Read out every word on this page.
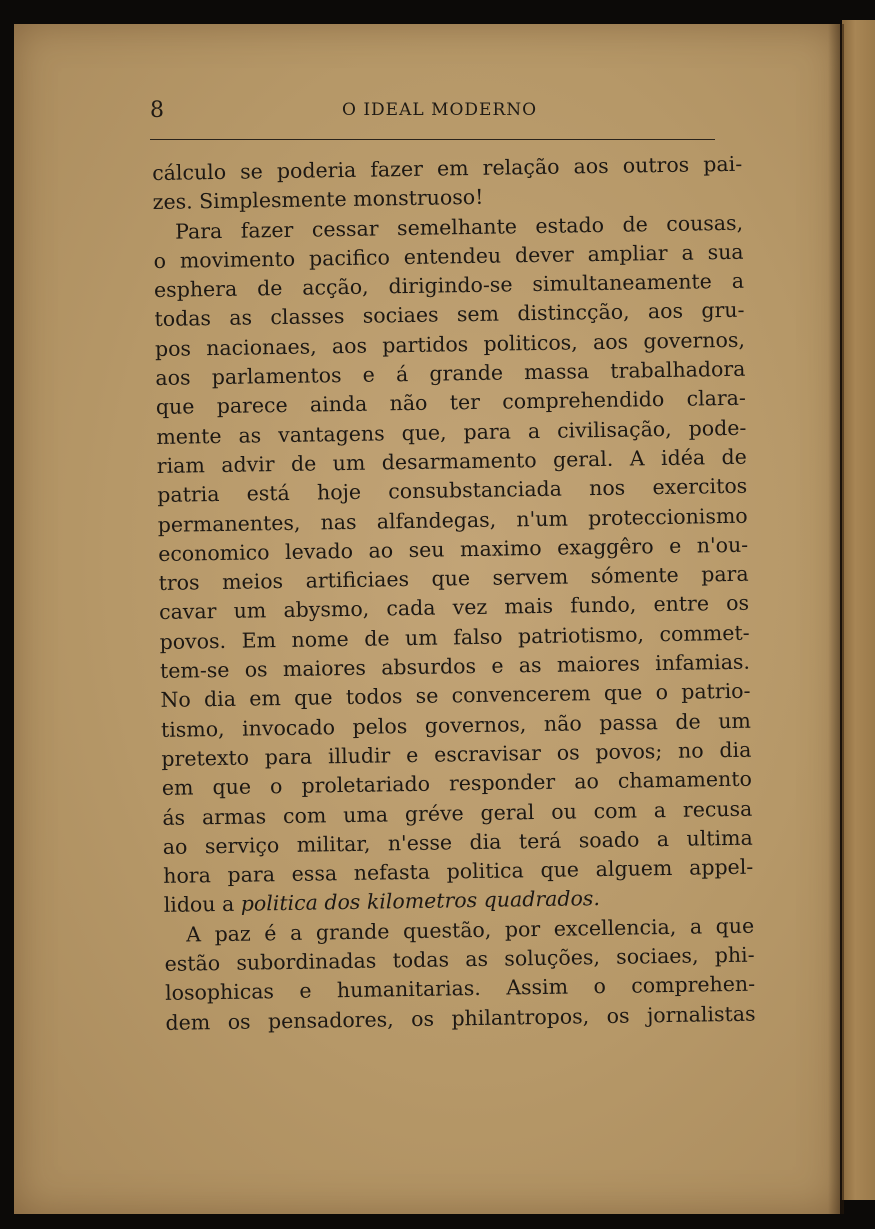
8	O IDEAL MODERNO
cálculo se poderia fazer em relação aos outros pai-
zes. Simplesmente monstruoso!
Para fazer cessar semelhante estado de cousas,
o movimento pacifico entendeu dever ampliar a sua
esphera de acção, dirigindo-se simultaneamente a
todas as classes sociaes sem distincção, aos gru-
pos nacionaes, aos partidos politicos, aos governos,
aos parlamentos e á grande massa trabalhadora
que parece ainda não ter comprehendido clara-
mente as vantagens que, para a civilisação, pode-
riam advir de um desarmamento geral. A idéa de
patria está hoje consubstanciada nos exercitos
permanentes, nas alfandegas, n'um proteccionismo
economico levado ao seu maximo exaggêro e n'ou-
tros meios artificiaes que servem sómente para
cavar um abysmo, cada vez mais fundo, entre os
povos. Em nome de um falso patriotismo, commet-
tem-se os maiores absurdos e as maiores infamias.
No dia em que todos se convencerem que o patrio-
tismo, invocado pelos governos, não passa de um
pretexto para illudir e escravisar os povos; no dia
em que o proletariado responder ao chamamento
ás armas com uma gréve geral ou com a recusa
ao serviço militar, n'esse dia terá soado a ultima
hora para essa nefasta politica que alguem appel-
lidou a politica dos kilometros quadrados.
A paz é a grande questão, por excellencia, a que
estão subordinadas todas as soluções, sociaes, phi-
losophicas e humanitarias. Assim o comprehen-
dem os pensadores, os philantropos, os jornalistas
